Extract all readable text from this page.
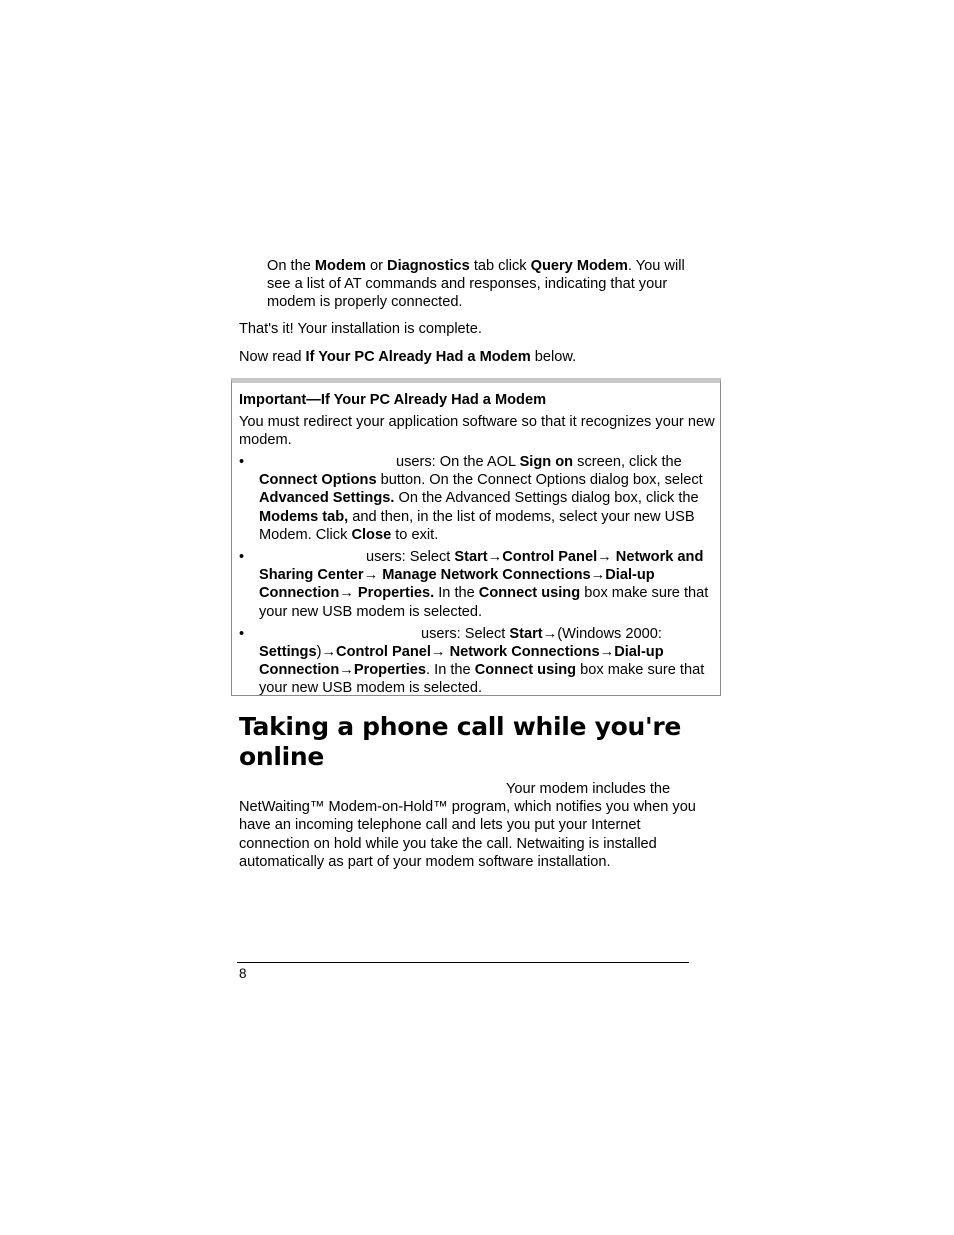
On the Modem or Diagnostics tab click Query Modem. You will see a list of AT commands and responses, indicating that your modem is properly connected.
That's it! Your installation is complete.
Now read If Your PC Already Had a Modem below.
Important—If Your PC Already Had a Modem
You must redirect your application software so that it recognizes your new modem.
•	users: On the AOL Sign on screen, click the Connect Options button. On the Connect Options dialog box, select Advanced Settings. On the Advanced Settings dialog box, click the Modems tab, and then, in the list of modems, select your new USB Modem. Click Close to exit.
•	users: Select Start→Control Panel→ Network and Sharing Center→ Manage Network Connections→Dial-up Connection→ Properties. In the Connect using box make sure that your new USB modem is selected.
•	users: Select Start→(Windows 2000: Settings)→Control Panel→ Network Connections→Dial-up Connection→Properties. In the Connect using box make sure that your new USB modem is selected.
Taking a phone call while you're online
Your modem includes the
NetWaiting™ Modem-on-Hold™ program, which notifies you when you have an incoming telephone call and lets you put your Internet connection on hold while you take the call. Netwaiting is installed automatically as part of your modem software installation.
8
